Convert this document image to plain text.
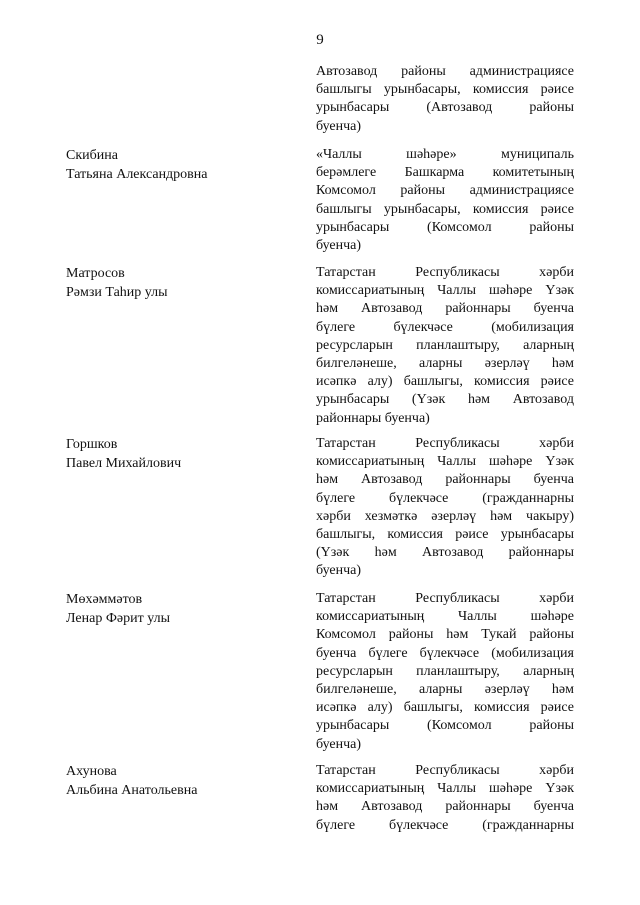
9
Автозавод районы администрациясе
башлыгы урынбасары, комиссия рәисе
урынбасары (Автозавод районы
буенча)
Скибина
Татьяна Александровна
«Чаллы шәһәре» муниципаль
берәмлеге Башкарма комитетының
Комсомол районы администрациясе
башлыгы урынбасары, комиссия рәисе
урынбасары (Комсомол районы
буенча)
Матросов
Рәмзи Таһир улы
Татарстан Республикасы хәрби
комиссариатының Чаллы шәһәре Үзәк
һәм Автозавод районнары буенча
бүлеге бүлекчәсе (мобилизация
ресурсларын планлаштыру, аларның
билгеләнеше, аларны әзерләү һәм
исәпкә алу) башлыгы, комиссия рәисе
урынбасары (Үзәк һәм Автозавод
районнары буенча)
Горшков
Павел Михайлович
Татарстан Республикасы хәрби
комиссариатының Чаллы шәһәре Үзәк
һәм Автозавод районнары буенча
бүлеге бүлекчәсе (гражданнарны
хәрби хезмәткә әзерләү һәм чакыру)
башлыгы, комиссия рәисе урынбасары
(Үзәк һәм Автозавод районнары
буенча)
Мөхәммәтов
Ленар Фәрит улы
Татарстан Республикасы хәрби
комиссариатының Чаллы шәһәре
Комсомол районы һәм Тукай районы
буенча бүлеге бүлекчәсе (мобилизация
ресурсларын планлаштыру, аларның
билгеләнеше, аларны әзерләү һәм
исәпкә алу) башлыгы, комиссия рәисе
урынбасары (Комсомол районы
буенча)
Ахунова
Альбина Анатольевна
Татарстан Республикасы хәрби
комиссариатының Чаллы шәһәре Үзәк
һәм Автозавод районнары буенча
бүлеге бүлекчәсе (гражданнарны
